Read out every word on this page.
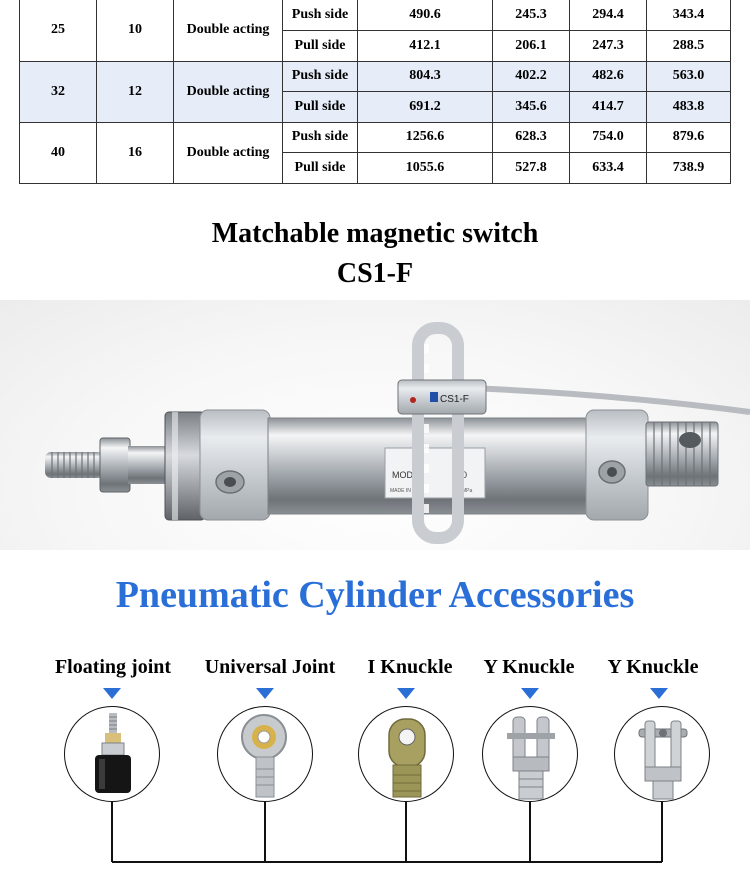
25	10	Double acting	Push side	490.6	245.3	294.4	343.4
			Pull side	412.1	206.1	247.3	288.5
32	12	Double acting	Push side	804.3	402.2	482.6	563.0
			Pull side	691.2	345.6	414.7	483.8
40	16	Double acting	Push side	1256.6	628.3	754.0	879.6
			Pull side	1055.6	527.8	633.4	738.9
Matchable magnetic switch
CS1-F
MODEL	0
MADE IN CH	MPa
CS1-F
Pneumatic Cylinder Accessories
Floating joint	Universal Joint	I Knuckle	Y Knuckle	Y Knuckle
